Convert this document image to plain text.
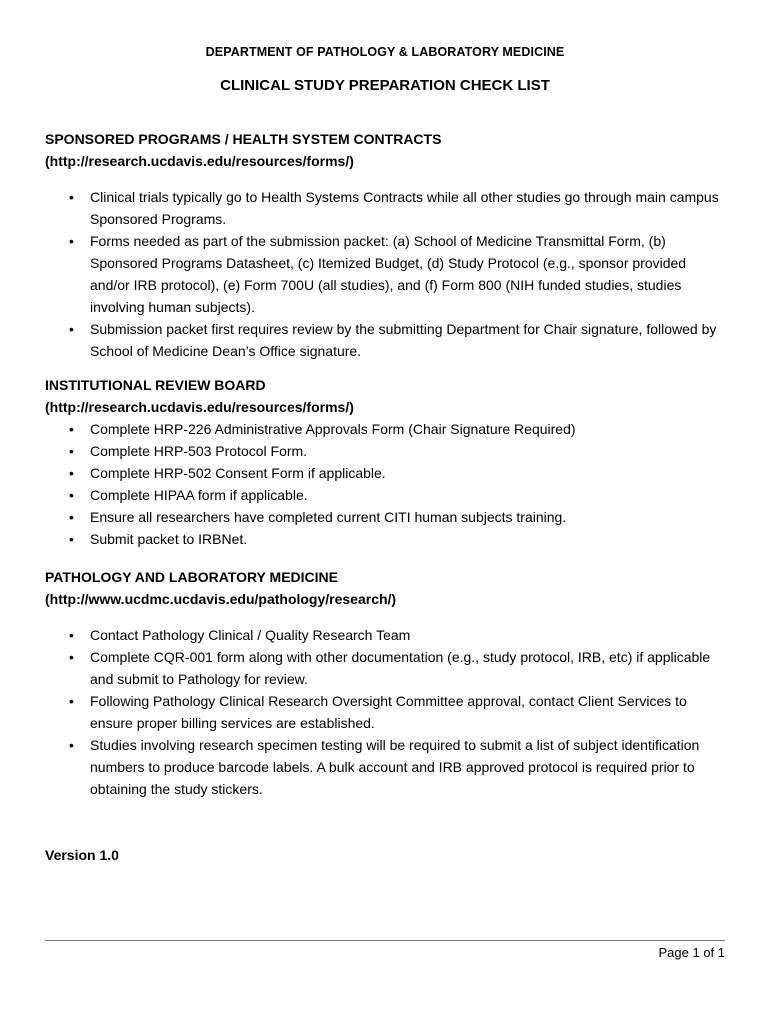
DEPARTMENT OF PATHOLOGY & LABORATORY MEDICINE
CLINICAL STUDY PREPARATION CHECK LIST
SPONSORED PROGRAMS / HEALTH SYSTEM CONTRACTS
(http://research.ucdavis.edu/resources/forms/)
• Clinical trials typically go to Health Systems Contracts while all other studies go through main campus Sponsored Programs.
• Forms needed as part of the submission packet: (a) School of Medicine Transmittal Form, (b) Sponsored Programs Datasheet, (c) Itemized Budget, (d) Study Protocol (e.g., sponsor provided and/or IRB protocol), (e) Form 700U (all studies), and (f) Form 800 (NIH funded studies, studies involving human subjects).
• Submission packet first requires review by the submitting Department for Chair signature, followed by School of Medicine Dean’s Office signature.
INSTITUTIONAL REVIEW BOARD
(http://research.ucdavis.edu/resources/forms/)
• Complete HRP-226 Administrative Approvals Form (Chair Signature Required)
• Complete HRP-503 Protocol Form.
• Complete HRP-502 Consent Form if applicable.
• Complete HIPAA form if applicable.
• Ensure all researchers have completed current CITI human subjects training.
• Submit packet to IRBNet.
PATHOLOGY AND LABORATORY MEDICINE
(http://www.ucdmc.ucdavis.edu/pathology/research/)
• Contact Pathology Clinical / Quality Research Team
• Complete CQR-001 form along with other documentation (e.g., study protocol, IRB, etc) if applicable and submit to Pathology for review.
• Following Pathology Clinical Research Oversight Committee approval, contact Client Services to ensure proper billing services are established.
• Studies involving research specimen testing will be required to submit a list of subject identification numbers to produce barcode labels. A bulk account and IRB approved protocol is required prior to obtaining the study stickers.
Version 1.0
Page 1 of 1
